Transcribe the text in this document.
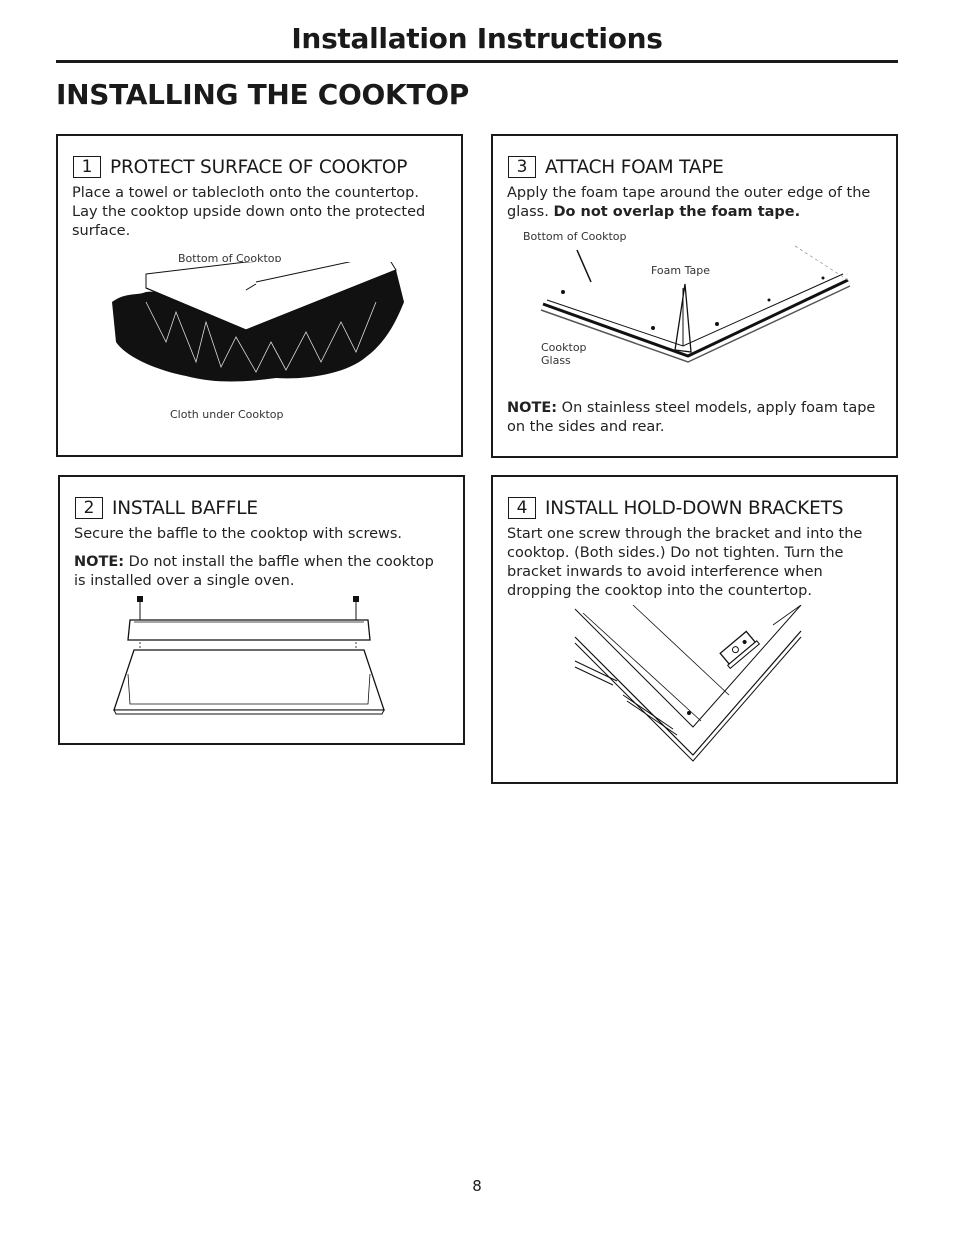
Installation Instructions
INSTALLING THE COOKTOP
1 PROTECT SURFACE OF COOKTOP
Place a towel or tablecloth onto the countertop. Lay the cooktop upside down onto the protected surface.
Bottom of Cooktop
Cloth under Cooktop
3 ATTACH FOAM TAPE
Apply the foam tape around the outer edge of the glass. Do not overlap the foam tape.
Bottom of Cooktop
Foam Tape
Cooktop
Glass
NOTE: On stainless steel models, apply foam tape on the sides and rear.
2 INSTALL BAFFLE
Secure the baffle to the cooktop with screws.
NOTE: Do not install the baffle when the cooktop is installed over a single oven.
4 INSTALL HOLD-DOWN BRACKETS
Start one screw through the bracket and into the cooktop. (Both sides.) Do not tighten. Turn the bracket inwards to avoid interference when dropping the cooktop into the countertop.
8
